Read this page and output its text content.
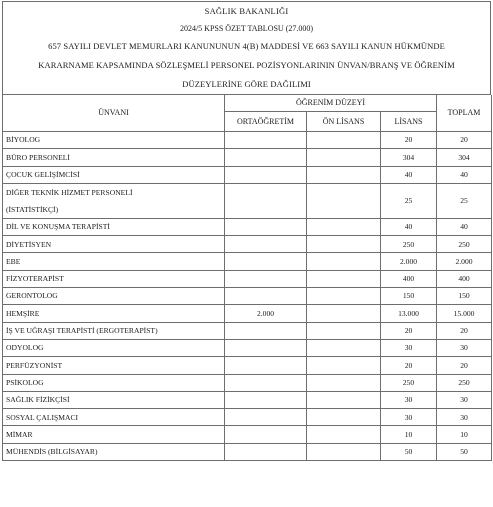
SAĞLIK BAKANLIĞI
2024/5 KPSS ÖZET TABLOSU (27.000)
657 SAYILI DEVLET MEMURLARI KANUNUNUN 4(B) MADDESİ VE 663 SAYILI KANUN HÜKMÜNDE
KARARNAME KAPSAMINDA SÖZLEŞMELİ PERSONEL POZİSYONLARININ ÜNVAN/BRANŞ VE ÖĞRENİM
DÜZEYLERİNE GÖRE DAĞILIMI
ÜNVANI	ÖĞRENİM DÜZEYİ			TOPLAM
	ORTAÖĞRETİM	ÖN LİSANS	LİSANS	
BİYOLOG			20	20
BÜRO PERSONELİ			304	304
ÇOCUK GELİŞİMCİSİ			40	40

DİĞER TEKNİK HİZMET PERSONELİ
(İSTATİSTİKÇİ)			25	25
DİL VE KONUŞMA TERAPİSTİ			40	40
DİYETİSYEN			250	250
EBE			2.000	2.000
FİZYOTERAPİST			400	400
GERONTOLOG			150	150
HEMŞİRE	2.000		13.000	15.000
İŞ VE UĞRAŞI TERAPİSTİ (ERGOTERAPİST)			20	20
ODYOLOG			30	30
PERFÜZYONİST			20	20
PSİKOLOG			250	250
SAĞLIK FİZİKÇİSİ			30	30
SOSYAL ÇALIŞMACI			30	30
MİMAR			10	10
MÜHENDİS (BİLGİSAYAR)			50	50
